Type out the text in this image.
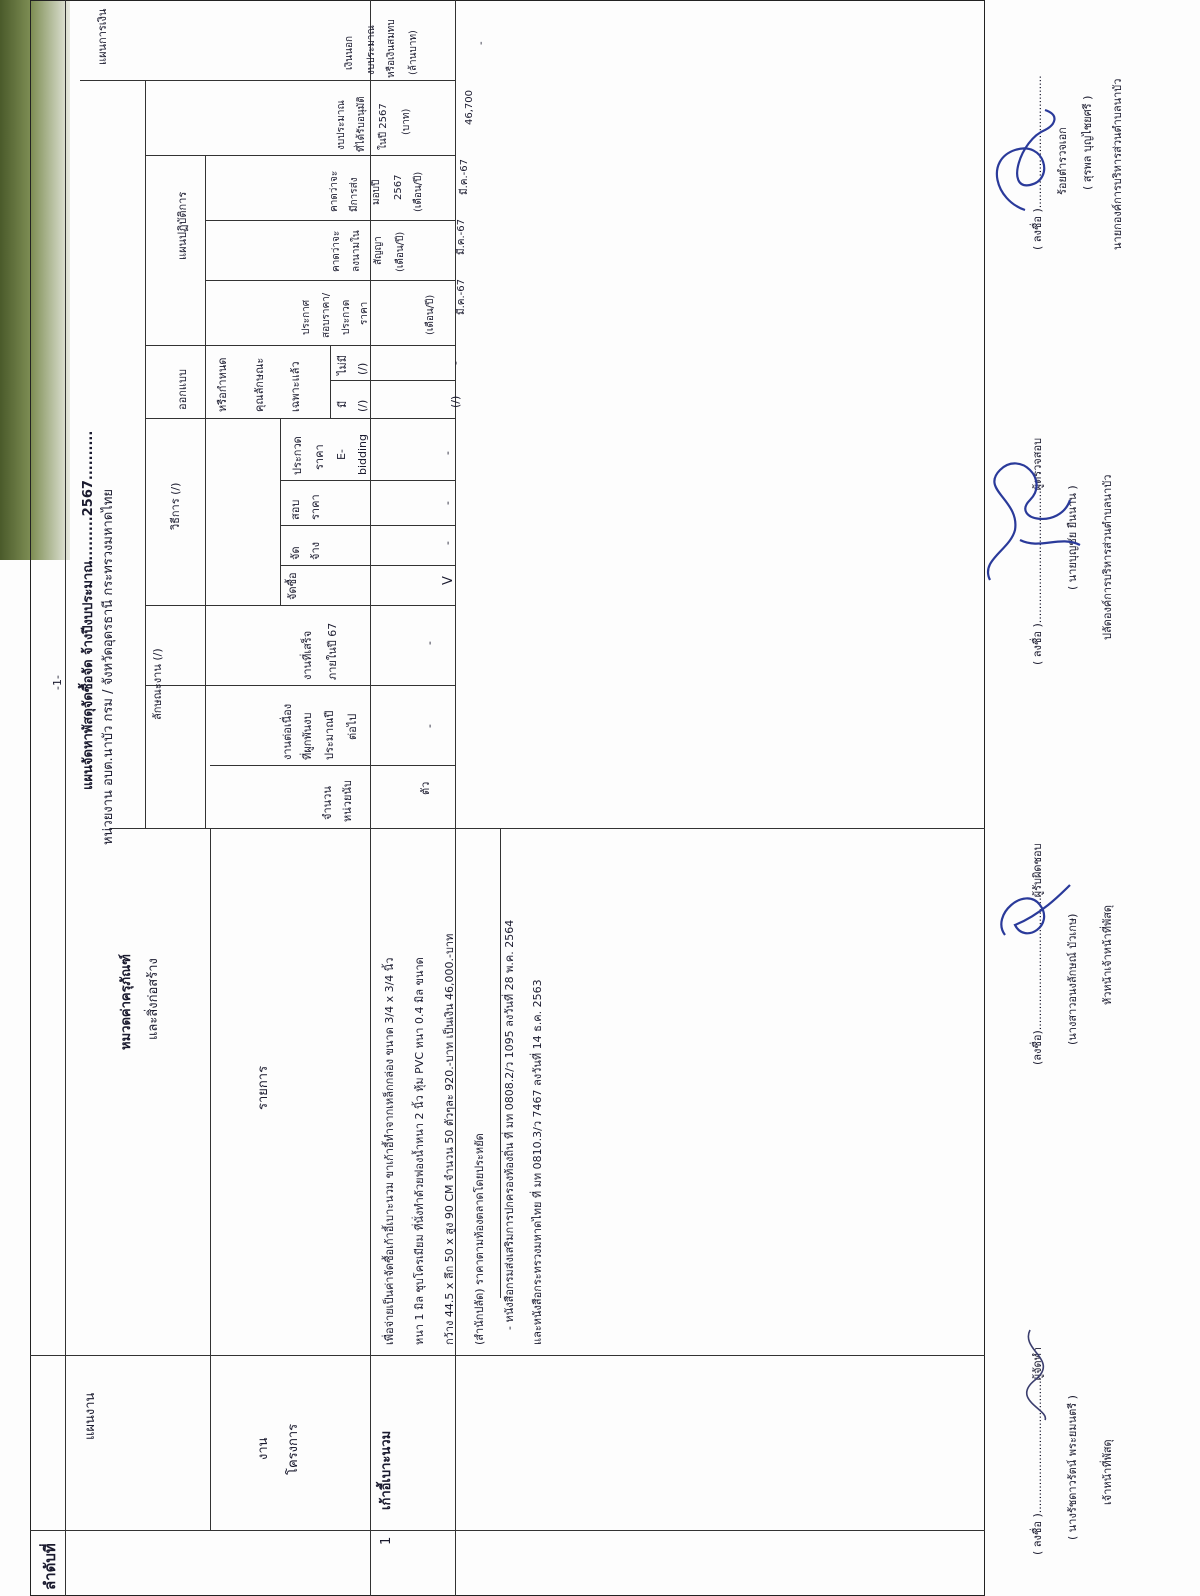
-1- แผนจัดหาพัสดุจัดซื้อจัด จ้างปีงบประมาณ.........2567.......... หน่วยงาน อบต.นาบัว กรม / จังหวัดอุดรธานี กระทรวงมหาดไทย
ลำดับที่
แผนงาน
หมวดค่าครุภัณฑ์ และสิ่งก่อสร้าง
งาน โครงการ
รายการ
จำนวน หน่วยนับ
ลักษณะงาน (/)
งานต่อเนื่อง ที่ผูกพันงบ ประมาณปี ต่อไป
งานที่เสร็จ ภายในปี 67
วิธีการ (/)
จัดซื้อ
จัด จ้าง
สอบ ราคา
ประกวด ราคา E- bidding
ออกแบบ หรือกำหนด คุณลักษณะ เฉพาะแล้ว	มี (/)
ไม่มี (/)
แผนปฏิบัติการ
ประกาศ สอบราคา/ ประกวด ราคา	(เดือน/ปี)
คาดว่าจะ ลงนามใน สัญญา (เดือน/ปี)
คาดว่าจะ มีการส่ง มอบปี 2567 (เดือน/ปี)
แผนการเงิน
งบประมาณ ที่ได้รับอนุมัติ ในปี 2567 (บาท)
เงินนอก งบประมาณ หรือเงินสมทบ (ล้านบาท)
1
เก้าอี้เบาะนวม
เพื่อจ่ายเป็นค่าจัดซื้อเก้าอี้เบาะนวม ขาเก้าอี้ทำจากเหล็กกล่อง ขนาด 3/4 x 3/4 นิ้ว หนา 1 มิล ชุบโครเมียม ที่นั่งทำด้วยฟองน้ำหนา 2 นิ้ว หุ้ม PVC หนา 0.4 มิล ขนาด กว้าง 44.5 x ลึก 50 x สูง 90 CM จำนวน 50 ตัวๆละ 920.-บาท เป็นเงิน 46,000.-บาท (สำนักปลัด) ราคาตามท้องตลาดโดยประหยัด - หนังสือกรมส่งเสริมการปกครองท้องถิ่น ที่ มท 0808.2/ว 1095 ลงวันที่ 28 พ.ค. 2564 และหนังสือกระทรวงมหาดไทย ที่ มท 0810.3/ว 7467 ลงวันที่ 14 ธ.ค. 2563
ตัว
-
-
V
-
-
-
(/)
-
มี.ค.-67
มี.ค.-67
มี.ค.-67
46,700
-
( ลงชื่อ )......................................ผู้จัดทำ ( นางรัชดาวรัตน์ พระยมนตรี ) เจ้าหน้าที่พัสดุ
(ลงชื่อ)......................................ผู้รับผิดชอบ (นางสาวอนงลักษณ์ บัวเกษ) หัวหน้าเจ้าหน้าที่พัสดุ
( ลงชื่อ )......................................ผู้ตรวจสอบ ( นายบุญชัย ยืนนาน ) ปลัดองค์การบริหารส่วนตำบลนาบัว
( ลงชื่อ )...................................... ร้อยตำรวจเอก ( สุรพล บุญไชยศรี ) นายกองค์การบริหารส่วนตำบลนาบัว
